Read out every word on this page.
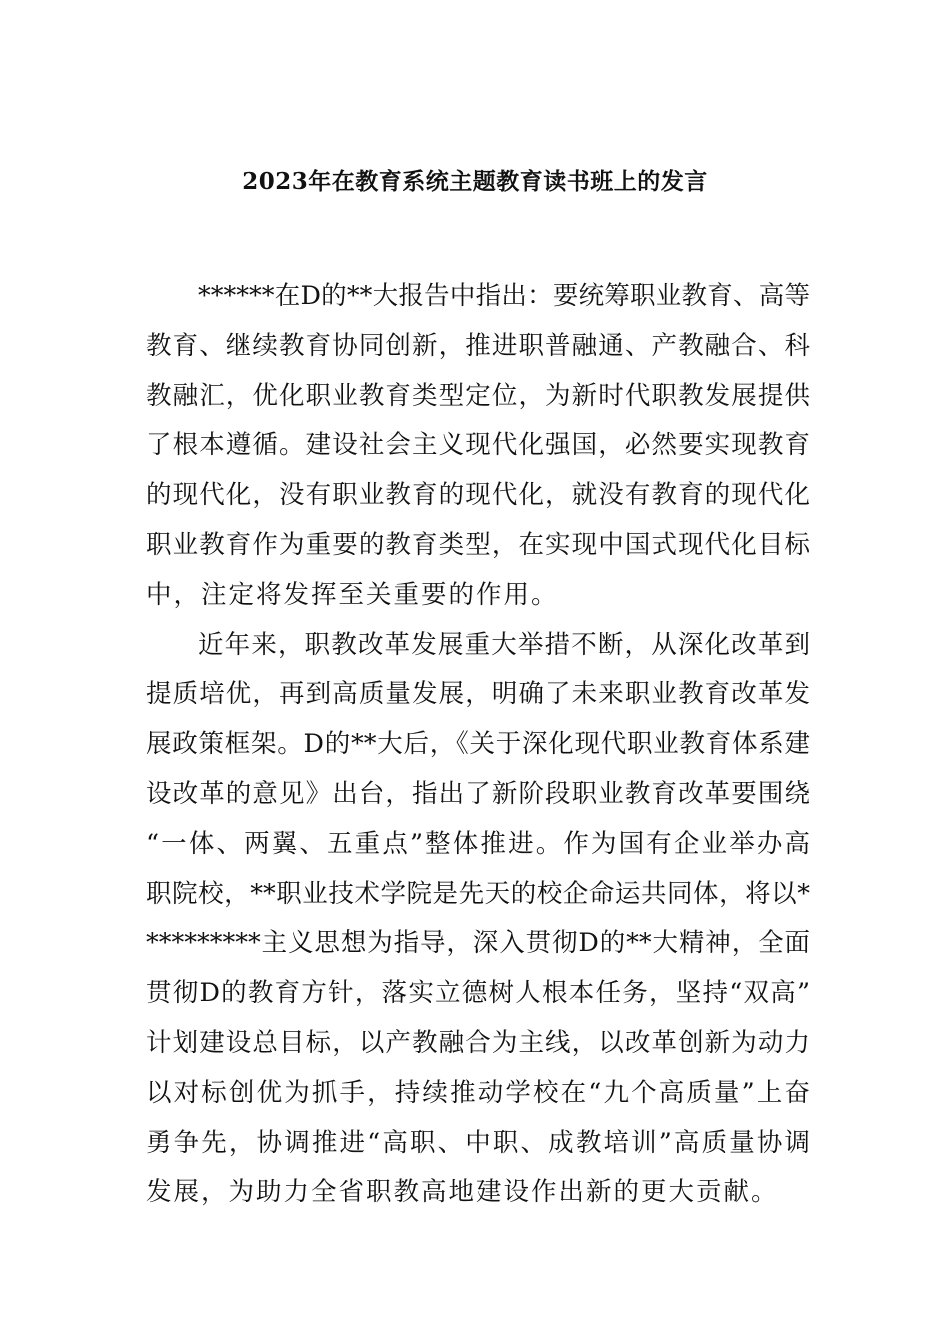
2023年在教育系统主题教育读书班上的发言
******在D的**大报告中指出：要统筹职业教育、高等
教育、继续教育协同创新，推进职普融通、产教融合、科
教融汇，优化职业教育类型定位，为新时代职教发展提供
了根本遵循。建设社会主义现代化强国，必然要实现教育
的现代化，没有职业教育的现代化，就没有教育的现代化
职业教育作为重要的教育类型，在实现中国式现代化目标
中，注定将发挥至关重要的作用。
近年来，职教改革发展重大举措不断，从深化改革到
提质培优，再到高质量发展，明确了未来职业教育改革发
展政策框架。D的**大后，《关于深化现代职业教育体系建
设改革的意见》出台，指出了新阶段职业教育改革要围绕
“一体、两翼、五重点”整体推进。作为国有企业举办高
职院校，**职业技术学院是先天的校企命运共同体，将以*
*********主义思想为指导，深入贯彻D的**大精神，全面
贯彻D的教育方针，落实立德树人根本任务，坚持“双高”
计划建设总目标，以产教融合为主线，以改革创新为动力
以对标创优为抓手，持续推动学校在“九个高质量”上奋
勇争先，协调推进“高职、中职、成教培训”高质量协调
发展，为助力全省职教高地建设作出新的更大贡献。
